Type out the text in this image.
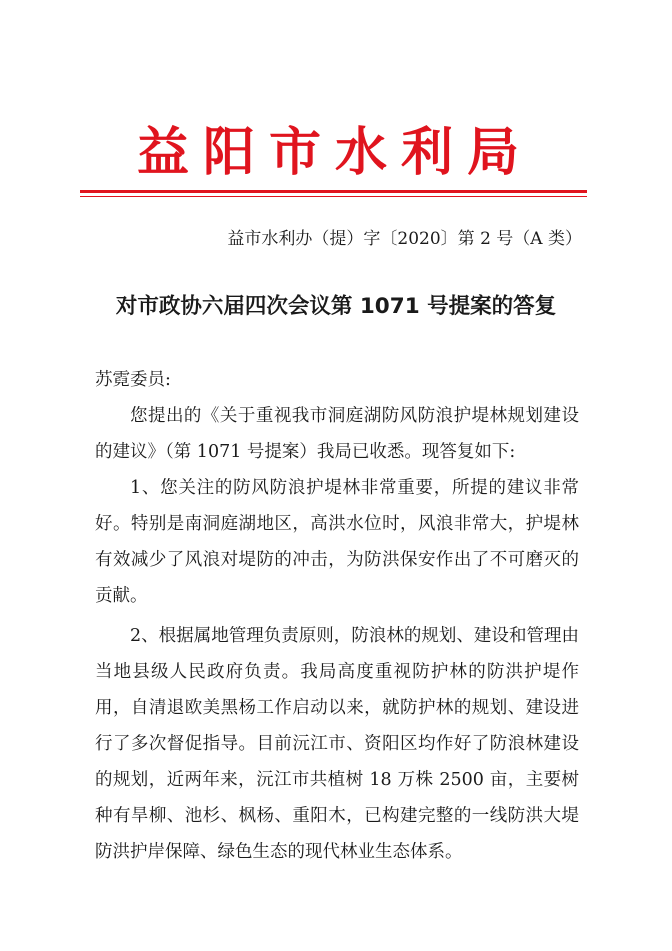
益阳市水利局
益市水利办（提）字〔2020〕第 2 号（A 类）
对市政协六届四次会议第 1071 号提案的答复

苏霓委员:

您提出的《关于重视我市洞庭湖防风防浪护堤林规划建设的建议》（第 1071 号提案）我局已收悉。现答复如下:

1、您关注的防风防浪护堤林非常重要，所提的建议非常好。特别是南洞庭湖地区，高洪水位时，风浪非常大，护堤林有效减少了风浪对堤防的冲击，为防洪保安作出了不可磨灭的贡献。

2、根据属地管理负责原则，防浪林的规划、建设和管理由当地县级人民政府负责。我局高度重视防护林的防洪护堤作用，自清退欧美黑杨工作启动以来，就防护林的规划、建设进行了多次督促指导。目前沅江市、资阳区均作好了防浪林建设的规划，近两年来，沅江市共植树 18 万株 2500 亩，主要树种有旱柳、池杉、枫杨、重阳木，已构建完整的一线防洪大堤防洪护岸保障、绿色生态的现代林业生态体系。
